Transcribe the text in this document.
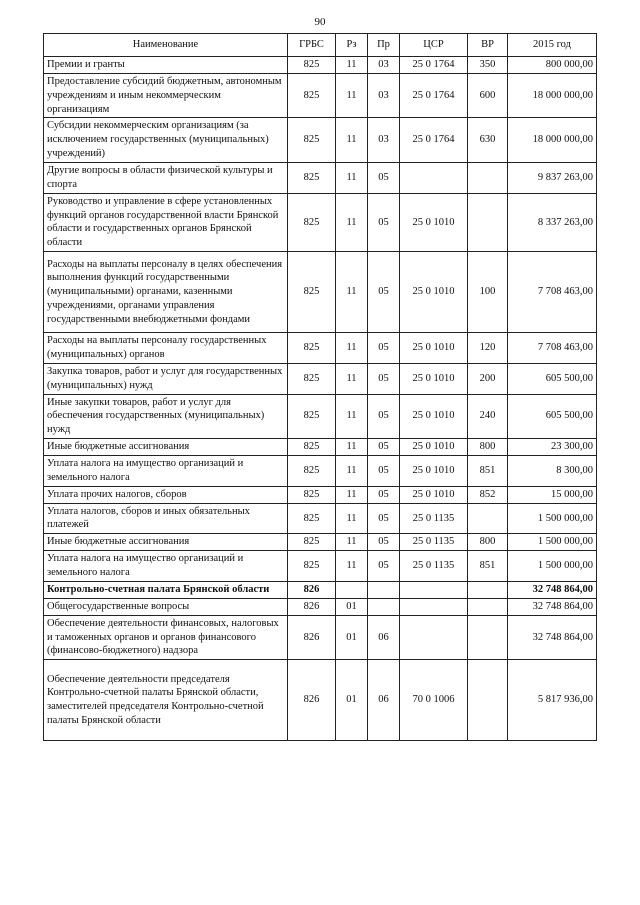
90
Наименование	ГРБС	Рз	Пр	ЦСР	ВР	2015 год
Премии и гранты	825	11	03	25 0 1764	350	800 000,00
Предоставление субсидий бюджетным, автономным учреждениям и иным некоммерческим организациям	825	11	03	25 0 1764	600	18 000 000,00
Субсидии некоммерческим организациям (за исключением государственных (муниципальных) учреждений)	825	11	03	25 0 1764	630	18 000 000,00
Другие вопросы в области физической культуры и спорта	825	11	05			9 837 263,00
Руководство и управление в сфере установленных функций органов государственной власти Брянской области и государственных органов Брянской области	825	11	05	25 0 1010		8 337 263,00
Расходы на выплаты персоналу в целях обеспечения выполнения функций государственными (муниципальными) органами, казенными учреждениями, органами управления государственными внебюджетными фондами	825	11	05	25 0 1010	100	7 708 463,00
Расходы на выплаты персоналу государственных (муниципальных) органов	825	11	05	25 0 1010	120	7 708 463,00
Закупка товаров, работ и услуг для государственных (муниципальных) нужд	825	11	05	25 0 1010	200	605 500,00
Иные закупки товаров, работ и услуг для обеспечения государственных (муниципальных) нужд	825	11	05	25 0 1010	240	605 500,00
Иные бюджетные ассигнования	825	11	05	25 0 1010	800	23 300,00
Уплата налога на имущество организаций и земельного налога	825	11	05	25 0 1010	851	8 300,00
Уплата прочих налогов, сборов	825	11	05	25 0 1010	852	15 000,00
Уплата налогов, сборов и иных обязательных платежей	825	11	05	25 0 1135		1 500 000,00
Иные бюджетные ассигнования	825	11	05	25 0 1135	800	1 500 000,00
Уплата налога на имущество организаций и земельного налога	825	11	05	25 0 1135	851	1 500 000,00
Контрольно-счетная палата Брянской области	826					32 748 864,00
Общегосударственные вопросы	826	01				32 748 864,00
Обеспечение деятельности финансовых, налоговых и таможенных органов и органов финансового (финансово-бюджетного) надзора	826	01	06			32 748 864,00
Обеспечение деятельности председателя Контрольно-счетной палаты Брянской области, заместителей председателя Контрольно-счетной палаты Брянской области	826	01	06	70 0 1006		5 817 936,00
